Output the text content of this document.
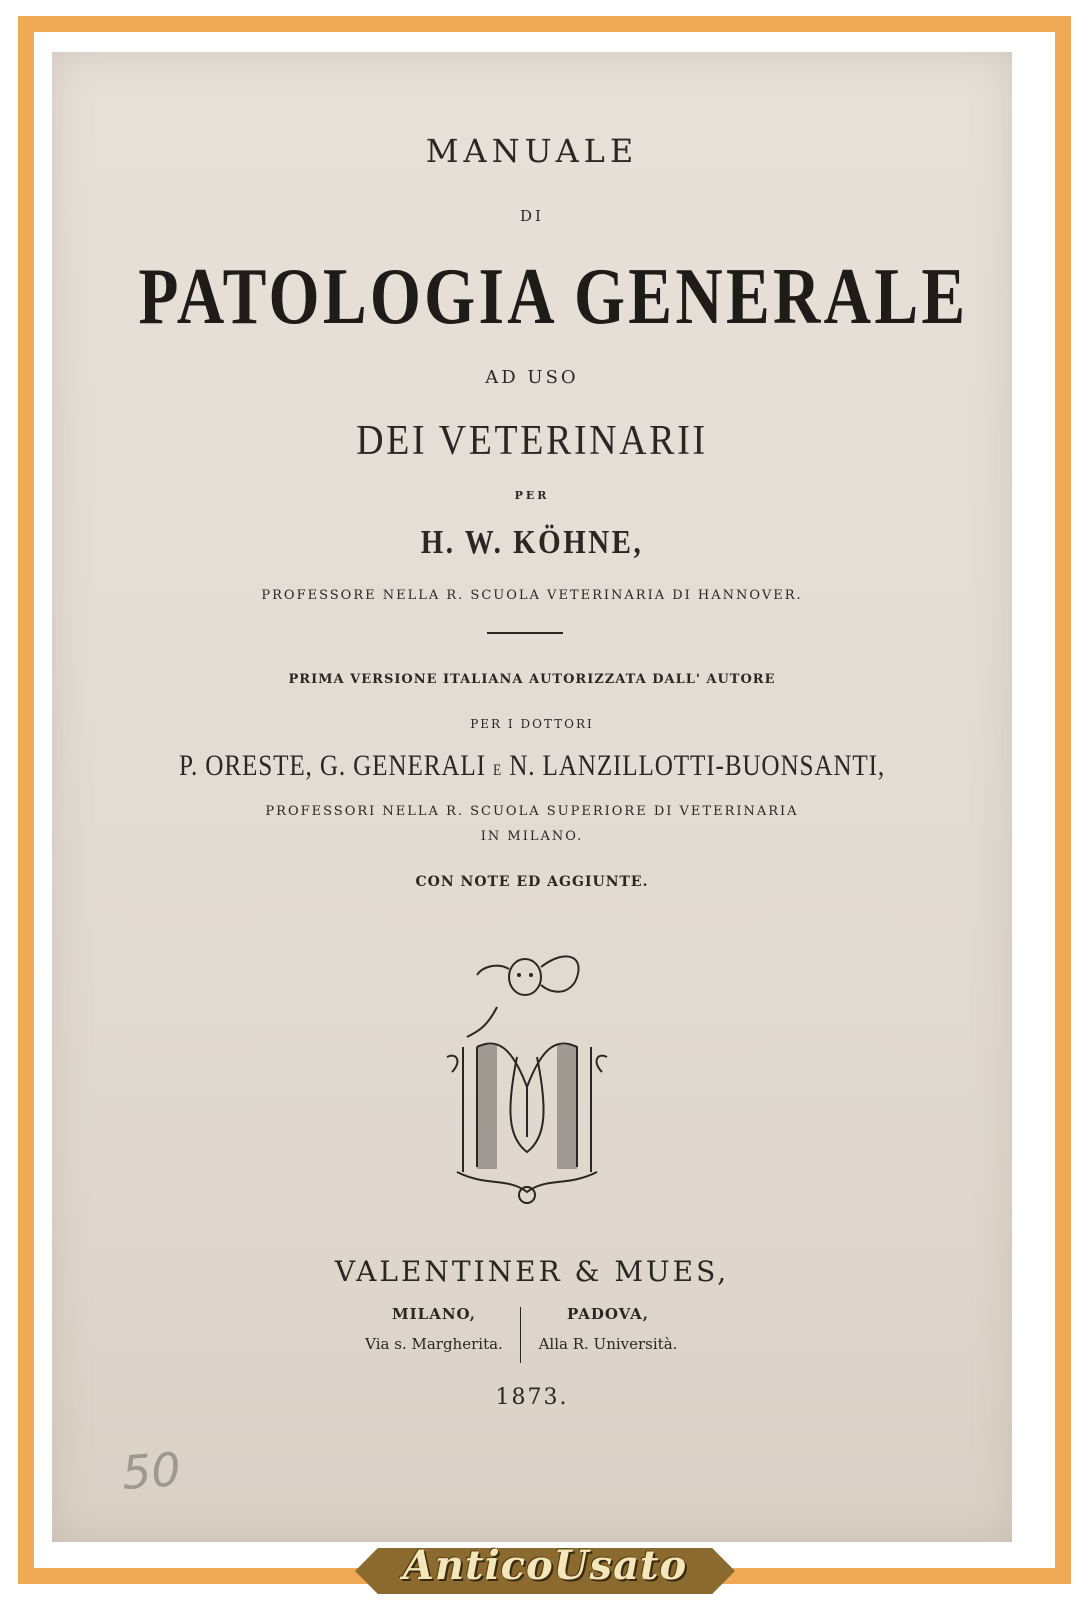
MANUALE
DI
PATOLOGIA GENERALE
AD USO
DEI VETERINARII
PER
H. W. KÖHNE,
PROFESSORE NELLA R. SCUOLA VETERINARIA DI HANNOVER.
PRIMA VERSIONE ITALIANA AUTORIZZATA DALL' AUTORE
PER I DOTTORI
P. ORESTE, G. GENERALI E N. LANZILLOTTI-BUONSANTI,
PROFESSORI NELLA R. SCUOLA SUPERIORE DI VETERINARIA
IN MILANO.
CON NOTE ED AGGIUNTE.
VALENTINER & MUES,
MILANO,
Via s. Margherita.
PADOVA,
Alla R. Università.
1873.
50
AnticoUsato
